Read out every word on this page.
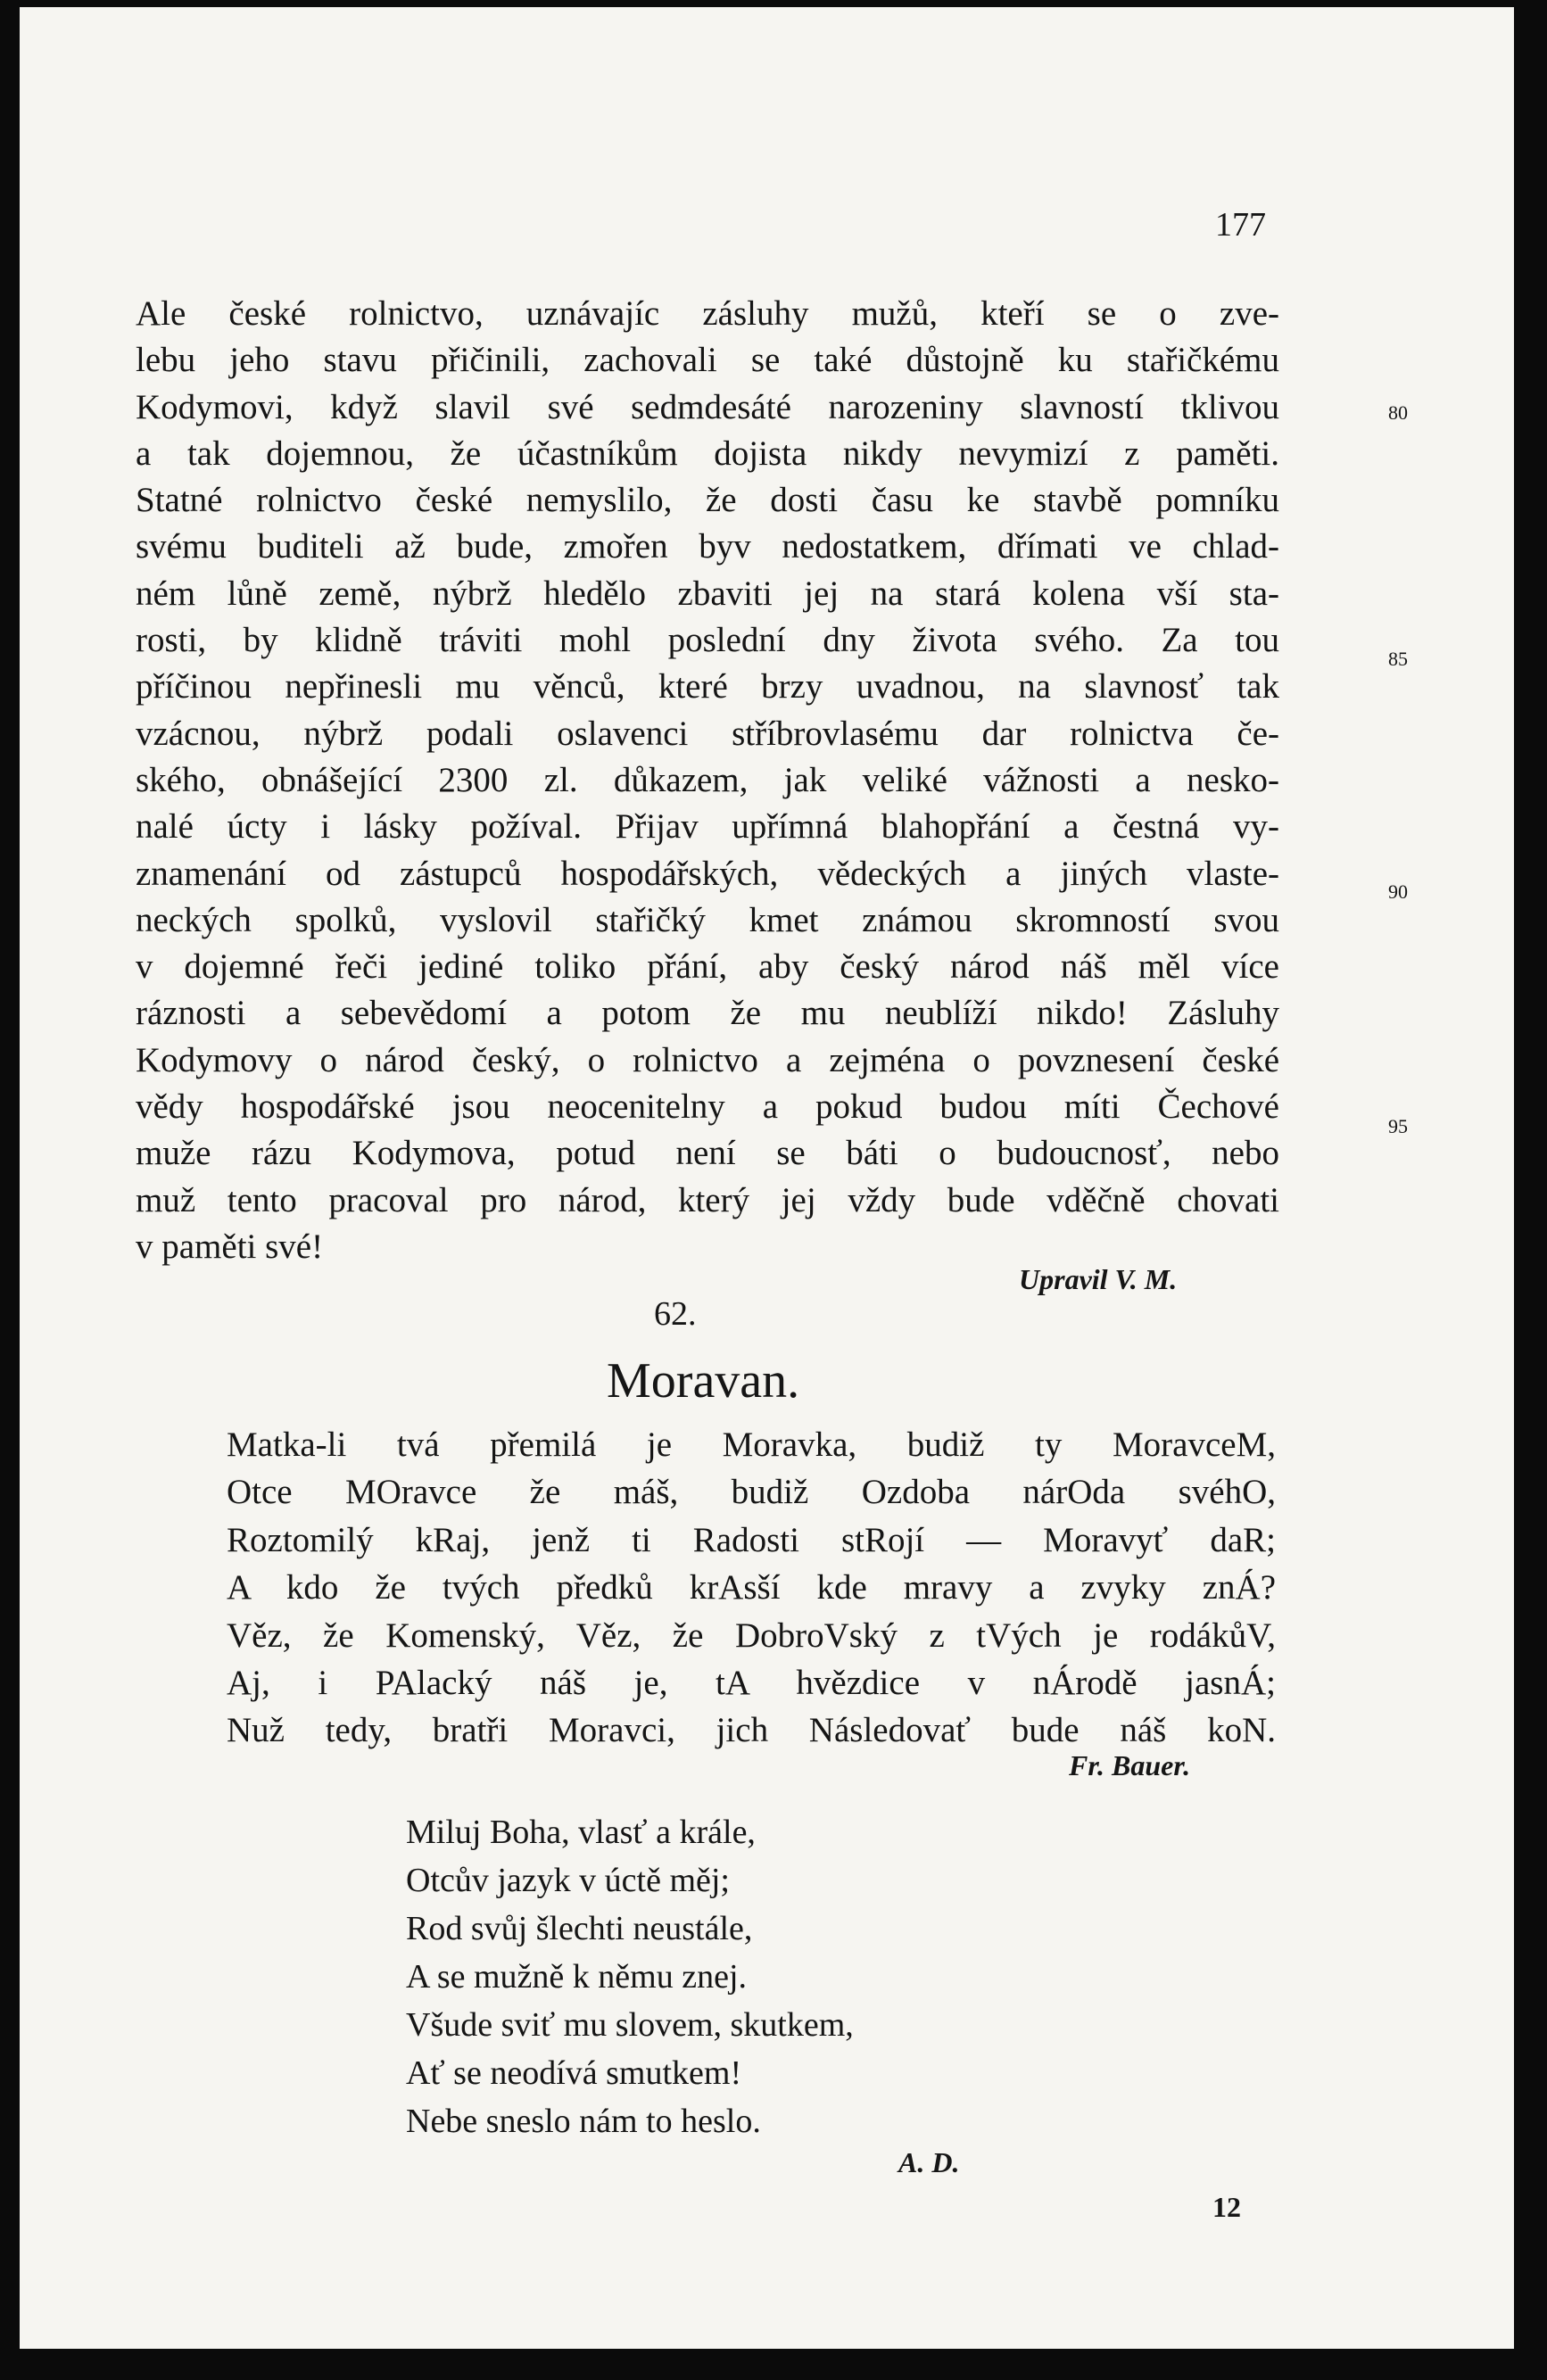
177
Ale české rolnictvo, uznávajíc zásluhy mužů, kteří se o zve-
lebu jeho stavu přičinili, zachovali se také důstojně ku stařičkému
Kodymovi, když slavil své sedmdesáté narozeniny slavností tklivou
a tak dojemnou, že účastníkům dojista nikdy nevymizí z paměti.
Statné rolnictvo české nemyslilo, že dosti času ke stavbě pomníku
svému buditeli až bude, zmořen byv nedostatkem, dřímati ve chlad-
ném lůně země, nýbrž hledělo zbaviti jej na stará kolena vší sta-
rosti, by klidně tráviti mohl poslední dny života svého. Za tou
příčinou nepřinesli mu věnců, které brzy uvadnou, na slavnosť tak
vzácnou, nýbrž podali oslavenci stříbrovlasému dar rolnictva če-
ského, obnášející 2300 zl. důkazem, jak veliké vážnosti a nesko-
nalé úcty i lásky požíval. Přijav upřímná blahopřání a čestná vy-
znamenání od zástupců hospodářských, vědeckých a jiných vlaste-
neckých spolků, vyslovil stařičký kmet známou skromností svou
v dojemné řeči jediné toliko přání, aby český národ náš měl více
ráznosti a sebevědomí a potom že mu neublíží nikdo! Zásluhy
Kodymovy o národ český, o rolnictvo a zejména o povznesení české
vědy hospodářské jsou neocenitelny a pokud budou míti Čechové
muže rázu Kodymova, potud není se báti o budoucnosť, nebo
muž tento pracoval pro národ, který jej vždy bude vděčně chovati
v paměti své!
80
85
90
95
Upravil V. M.
62.
Moravan.
Matka-li tvá přemilá je Moravka, budiž ty MoravceM,
Otce MOravce že máš, budiž Ozdoba nárOda svéhO,
Roztomilý kRaj, jenž ti Radosti stRojí — Moravyť daR;
A kdo že tvých předků krAsší kde mravy a zvyky znÁ?
Věz, že Komenský, Věz, že DobroVský z tVých je rodákůV,
Aj, i PAlacký náš je, tA hvězdice v nÁrodě jasnÁ;
Nuž tedy, bratři Moravci, jich Následovať bude náš koN.
Fr. Bauer.
Miluj Boha, vlasť a krále,
Otcův jazyk v úctě měj;
Rod svůj šlechti neustále,
A se mužně k němu znej.
Všude sviť mu slovem, skutkem,
Ať se neodívá smutkem!
Nebe sneslo nám to heslo.
A. D.
12
